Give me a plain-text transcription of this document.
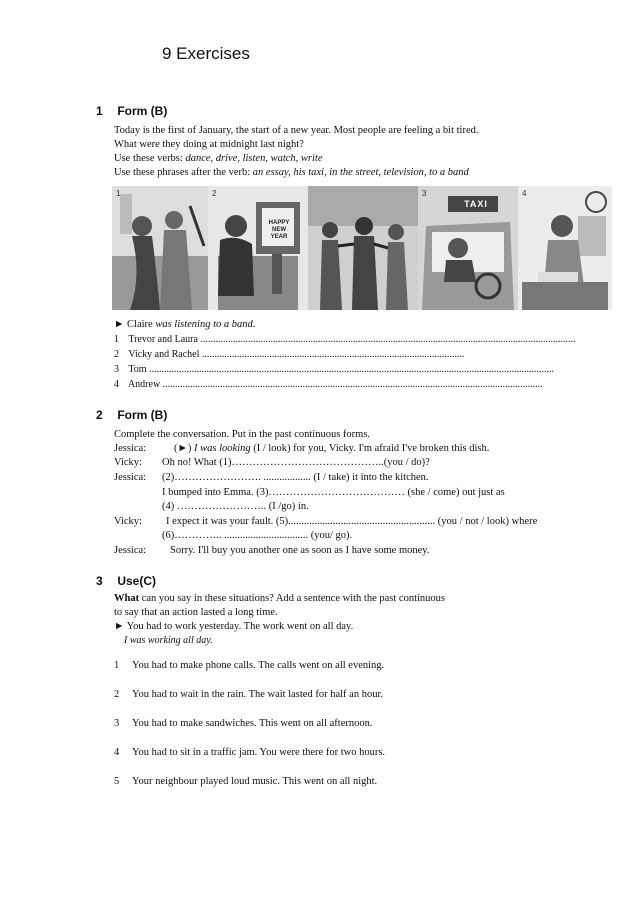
9 Exercises
1 Form (B)
Today is the first of January, the start of a new year. Most people are feeling a bit tired.
What were they doing at midnight last night?
Use these verbs: dance, drive, listen, watch, write
Use these phrases after the verb: an essay, his taxi, in the street, television, to a band
1
HAPPY NEW YEAR
2
TAXI
3	4
► Claire was listening to a band.
1 Trevor and Laura ......................................................................................................................................................
2 Vicky and Rachel .........................................................................................................
3 Tom ..................................................................................................................................................................
4 Andrew ........................................................................................................................................................
2 Form (B)
Complete the conversation. Put in the past continuous forms.
Jessica:	(►) I was looking (I / look) for you, Vicky. I'm afraid I've broken this dish.
Vicky: Oh no! What (1)……………………………………..(you / do)?
Jessica: (2)……………………. .................. (I / take) it into the kitchen.
I bumped into Emma. (3)………………………………… (she / come) out just as
(4) …………………….. (I /go) in.
Vicky: I expect it was your fault. (5)........................................................ (you / not / look) where
(6)………….. ................................ (you/ go).
Jessica: Sorry. I'll buy you another one as soon as I have some money.
3 Use(C)
What can you say in these situations? Add a sentence with the past continuous
to say that an action lasted a long time.
► You had to work yesterday. The work went on all day.
I was working all day.
1 You had to make phone calls. The calls went on all evening.
2 You had to wait in the rain. The wait lasted for half an hour.
3 You had to make sandwiches. This went on all afternoon.
4 You had to sit in a traffic jam. You were there for two hours.
5 Your neighbour played loud music. This went on all night.
